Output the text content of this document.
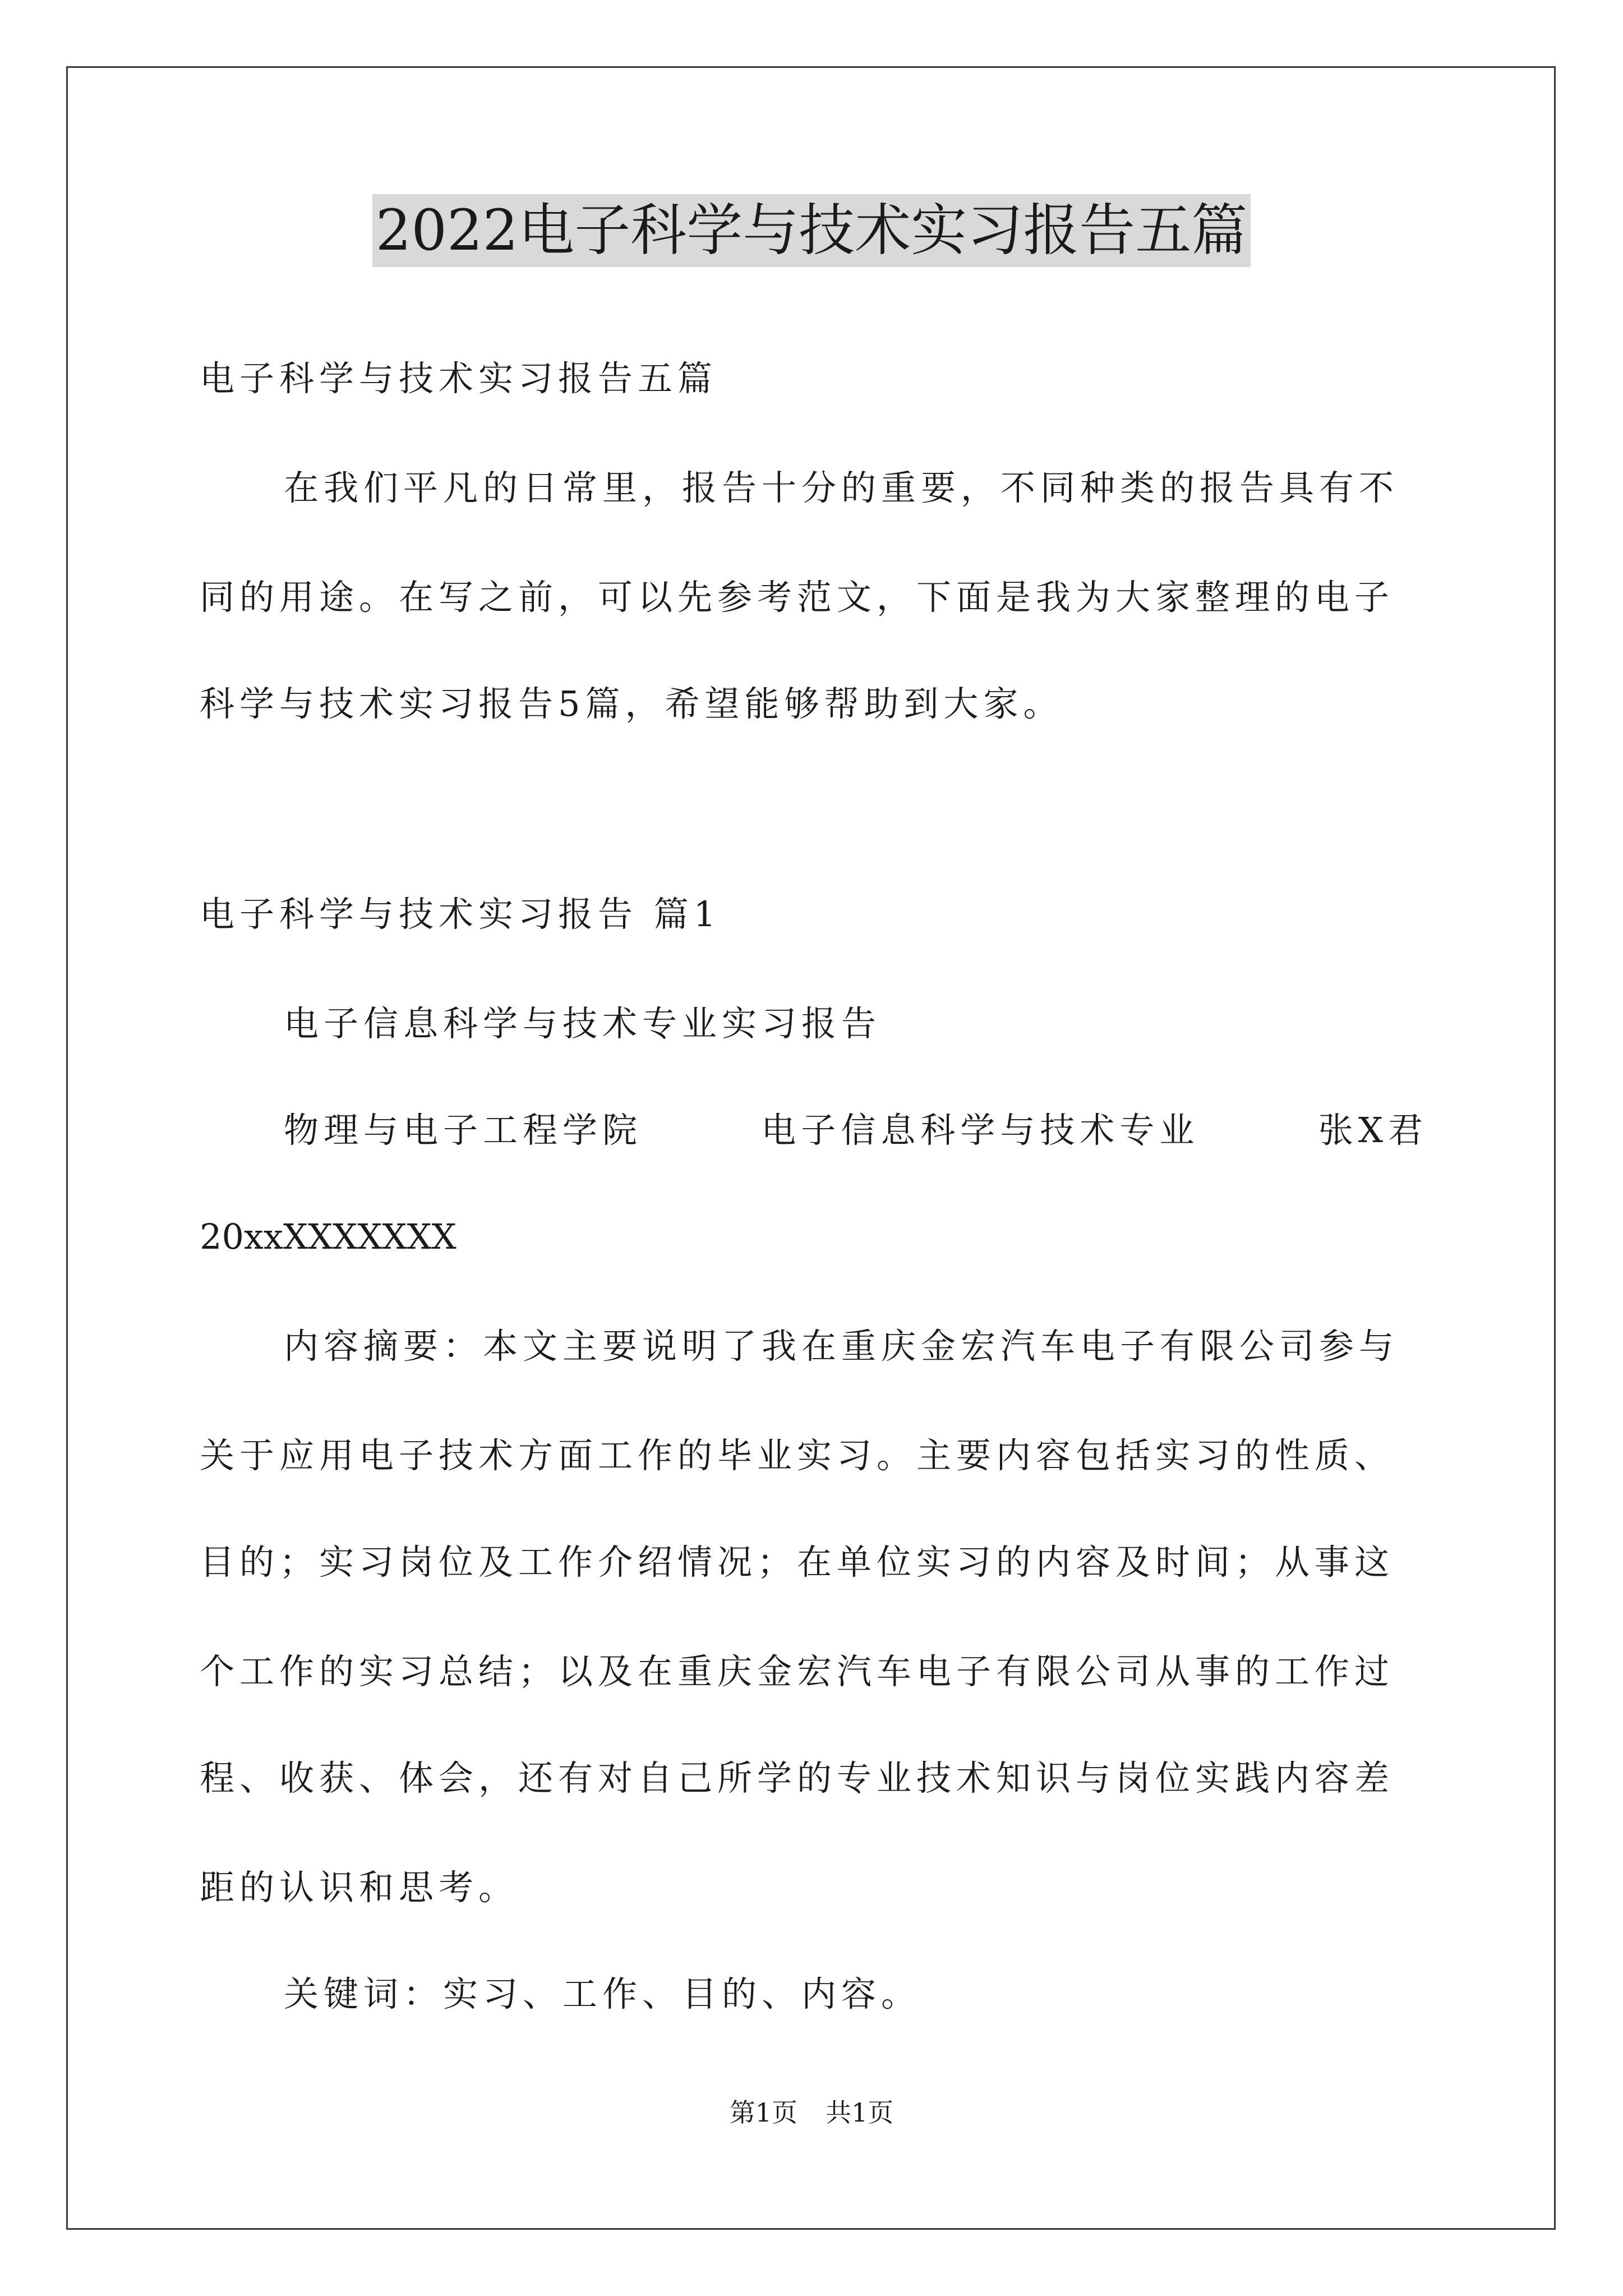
2022电子科学与技术实习报告五篇
电子科学与技术实习报告五篇
在我们平凡的日常里，报告十分的重要，不同种类的报告具有不
同的用途。在写之前，可以先参考范文，下面是我为大家整理的电子
科学与技术实习报告5篇，希望能够帮助到大家。
电子科学与技术实习报告 篇1
电子信息科学与技术专业实习报告
物理与电子工程学院	电子信息科学与技术专业	张X君
20xxXXXXXXX
内容摘要：本文主要说明了我在重庆金宏汽车电子有限公司参与
关于应用电子技术方面工作的毕业实习。主要内容包括实习的性质、
目的；实习岗位及工作介绍情况；在单位实习的内容及时间；从事这
个工作的实习总结；以及在重庆金宏汽车电子有限公司从事的工作过
程、收获、体会，还有对自己所学的专业技术知识与岗位实践内容差
距的认识和思考。
关键词：实习、工作、目的、内容。
第1页 共1页
